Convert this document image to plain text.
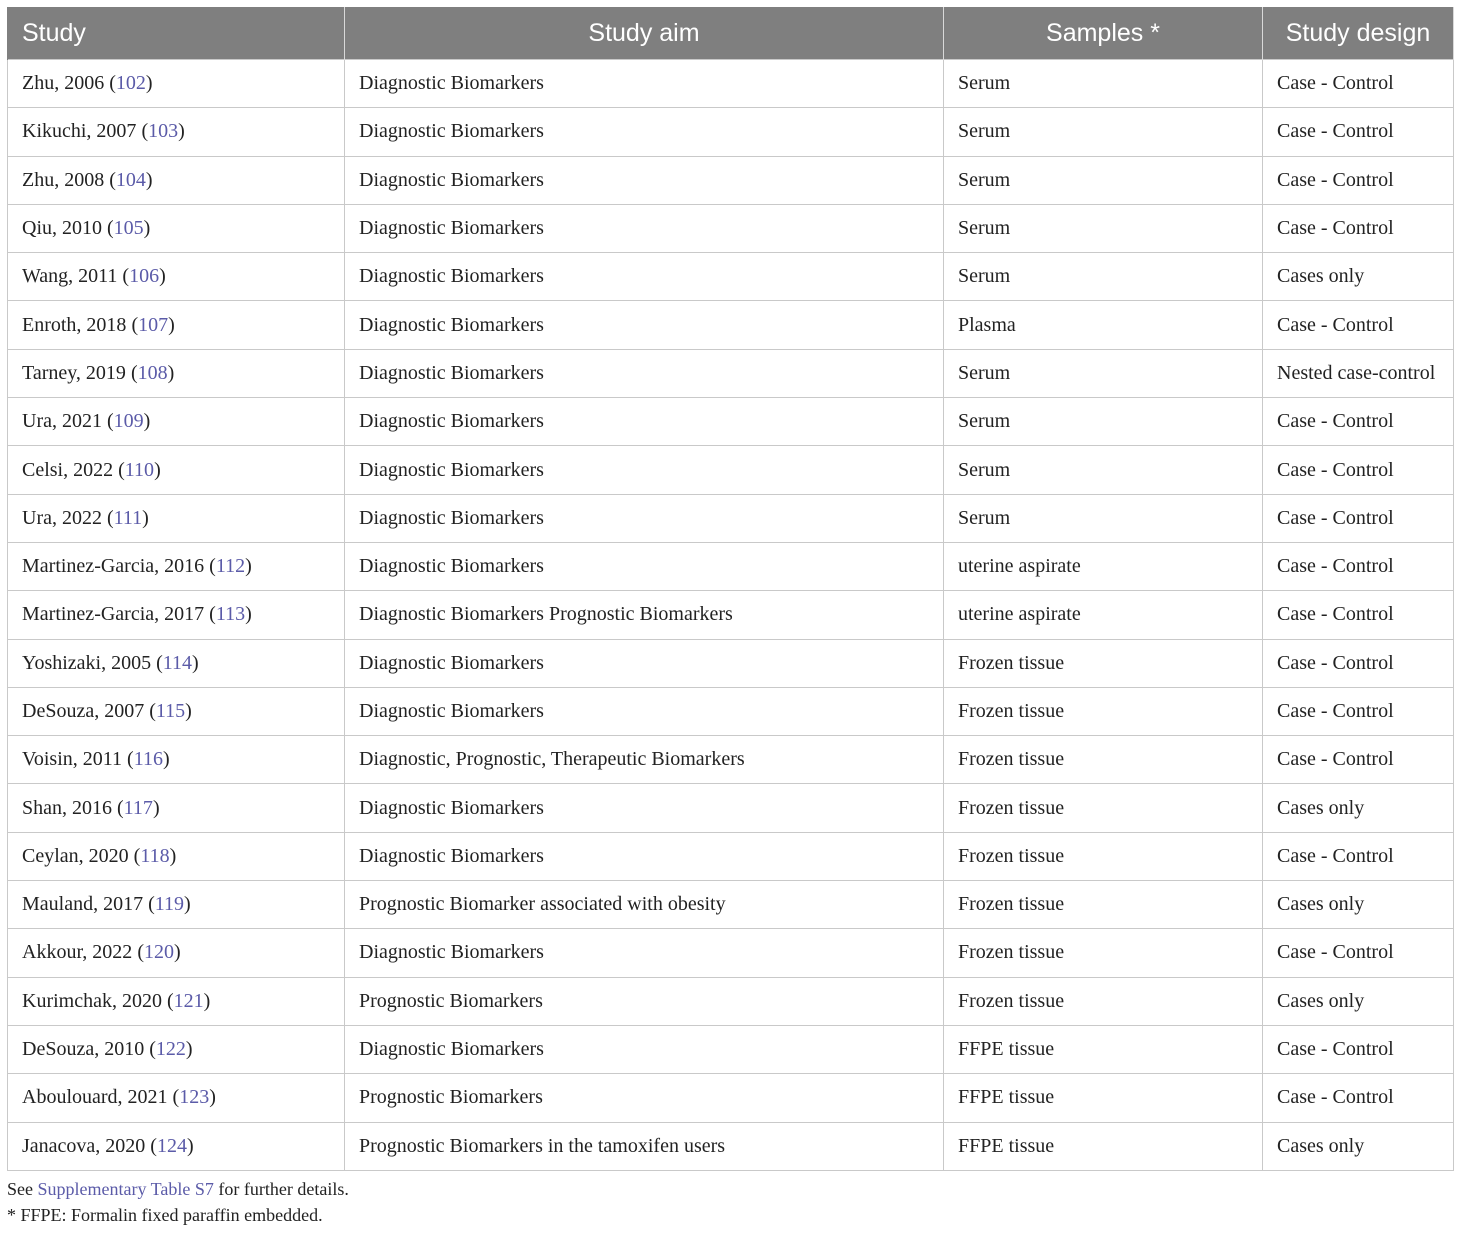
Study	Study aim	Samples *	Study design
Zhu, 2006 (102)	Diagnostic Biomarkers	Serum	Case - Control
Kikuchi, 2007 (103)	Diagnostic Biomarkers	Serum	Case - Control
Zhu, 2008 (104)	Diagnostic Biomarkers	Serum	Case - Control
Qiu, 2010 (105)	Diagnostic Biomarkers	Serum	Case - Control
Wang, 2011 (106)	Diagnostic Biomarkers	Serum	Cases only
Enroth, 2018 (107)	Diagnostic Biomarkers	Plasma	Case - Control
Tarney, 2019 (108)	Diagnostic Biomarkers	Serum	Nested case-control
Ura, 2021 (109)	Diagnostic Biomarkers	Serum	Case - Control
Celsi, 2022 (110)	Diagnostic Biomarkers	Serum	Case - Control
Ura, 2022 (111)	Diagnostic Biomarkers	Serum	Case - Control
Martinez-Garcia, 2016 (112)	Diagnostic Biomarkers	uterine aspirate	Case - Control
Martinez-Garcia, 2017 (113)	Diagnostic Biomarkers Prognostic Biomarkers	uterine aspirate	Case - Control
Yoshizaki, 2005 (114)	Diagnostic Biomarkers	Frozen tissue	Case - Control
DeSouza, 2007 (115)	Diagnostic Biomarkers	Frozen tissue	Case - Control
Voisin, 2011 (116)	Diagnostic, Prognostic, Therapeutic Biomarkers	Frozen tissue	Case - Control
Shan, 2016 (117)	Diagnostic Biomarkers	Frozen tissue	Cases only
Ceylan, 2020 (118)	Diagnostic Biomarkers	Frozen tissue	Case - Control
Mauland, 2017 (119)	Prognostic Biomarker associated with obesity	Frozen tissue	Cases only
Akkour, 2022 (120)	Diagnostic Biomarkers	Frozen tissue	Case - Control
Kurimchak, 2020 (121)	Prognostic Biomarkers	Frozen tissue	Cases only
DeSouza, 2010 (122)	Diagnostic Biomarkers	FFPE tissue	Case - Control
Aboulouard, 2021 (123)	Prognostic Biomarkers	FFPE tissue	Case - Control
Janacova, 2020 (124)	Prognostic Biomarkers in the tamoxifen users	FFPE tissue	Cases only
See Supplementary Table S7 for further details.
* FFPE: Formalin fixed paraffin embedded.
